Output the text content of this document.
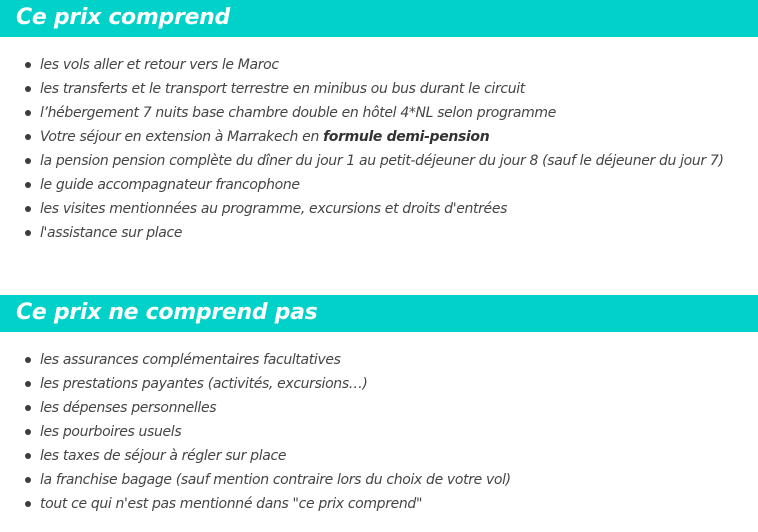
Ce prix comprend
les vols aller et retour vers le Maroc
les transferts et le transport terrestre en minibus ou bus durant le circuit
l’hébergement 7 nuits base chambre double en hôtel 4*NL selon programme
Votre séjour en extension à Marrakech en formule demi-pension
la pension pension complète du dîner du jour 1 au petit-déjeuner du jour 8 (sauf le déjeuner du jour 7)
le guide accompagnateur francophone
les visites mentionnées au programme, excursions et droits d'entrées
l'assistance sur place
Ce prix ne comprend pas
les assurances complémentaires facultatives
les prestations payantes (activités, excursions…)
les dépenses personnelles
les pourboires usuels
les taxes de séjour à régler sur place
la franchise bagage (sauf mention contraire lors du choix de votre vol)
tout ce qui n'est pas mentionné dans "ce prix comprend"
